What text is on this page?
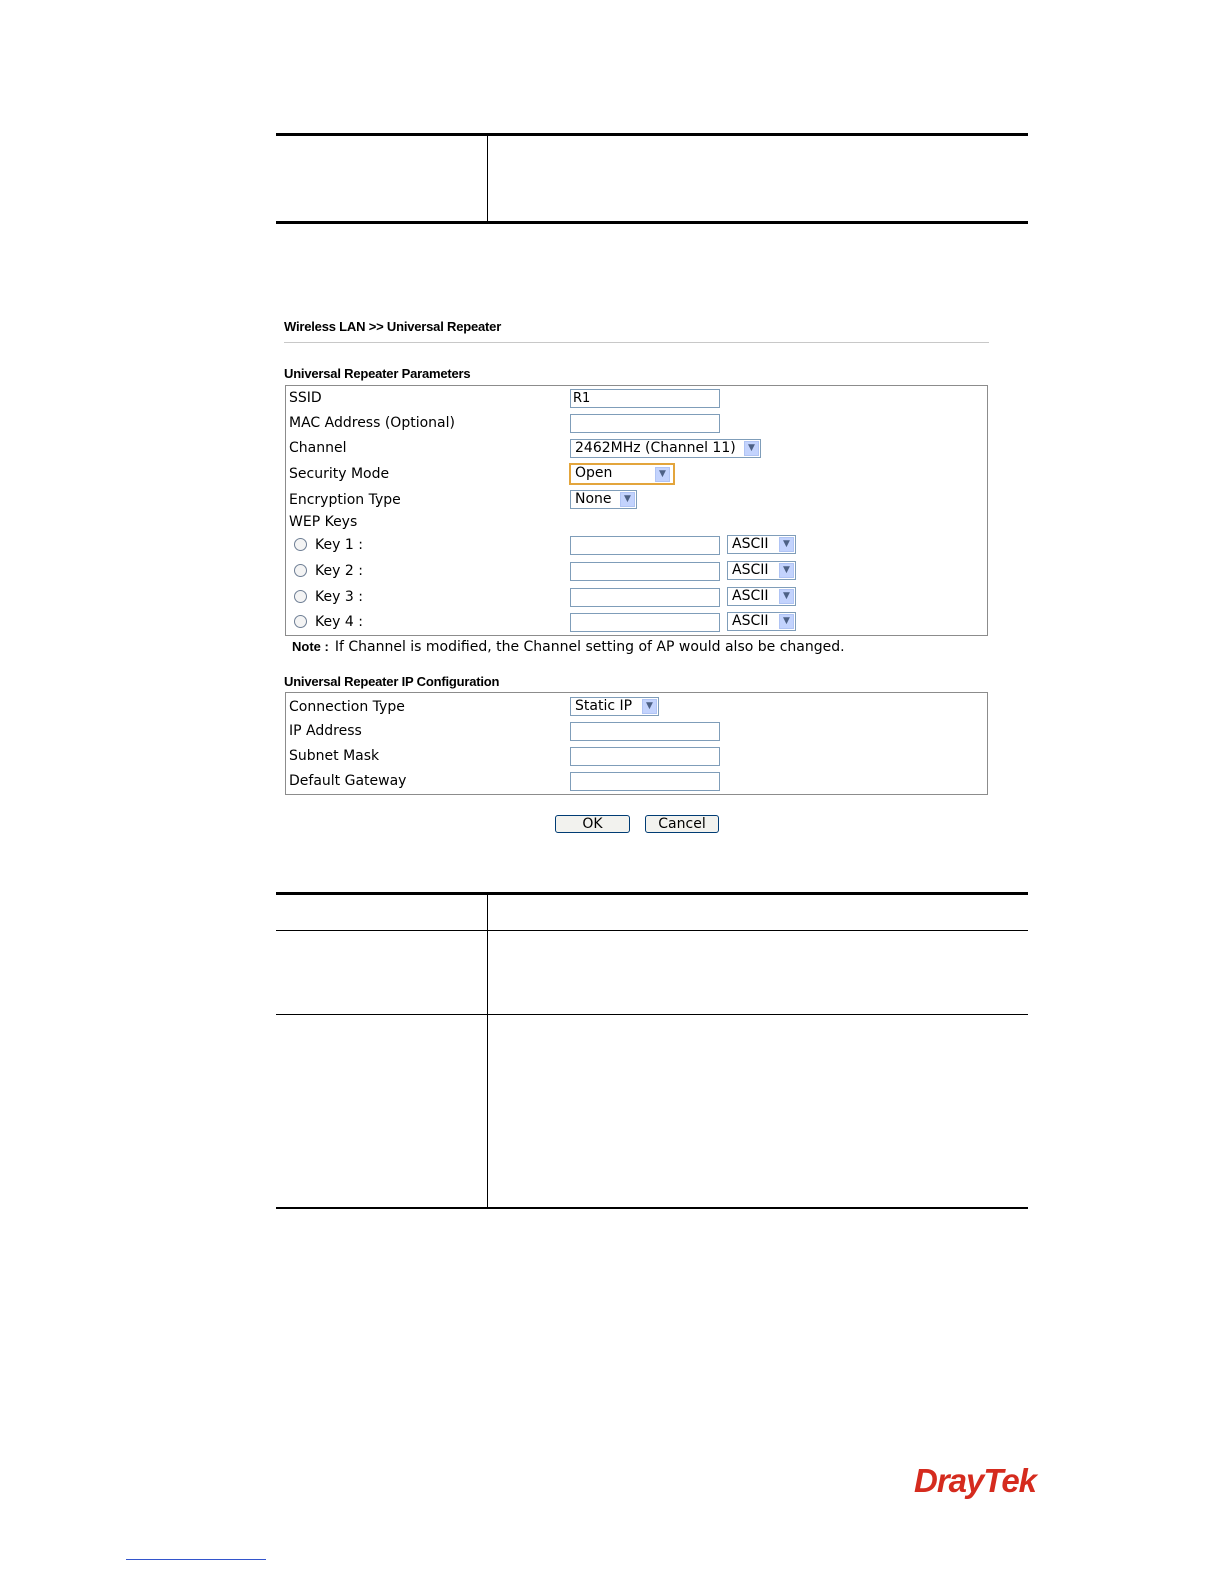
Wireless LAN >> Universal Repeater
Universal Repeater Parameters
SSID	R1
MAC Address (Optional)
Channel	2462MHz (Channel 11)	▼
Security Mode	Open	▼
Encryption Type	None	▼
WEP Keys
Key 1 :	ASCII	▼
Key 2 :	ASCII	▼
Key 3 :	ASCII	▼
Key 4 :	ASCII	▼
Note : If Channel is modified, the Channel setting of AP would also be changed.
Universal Repeater IP Configuration
Connection Type	Static IP	▼
IP Address
Subnet Mask
Default Gateway
OK	Cancel
DrayTek
